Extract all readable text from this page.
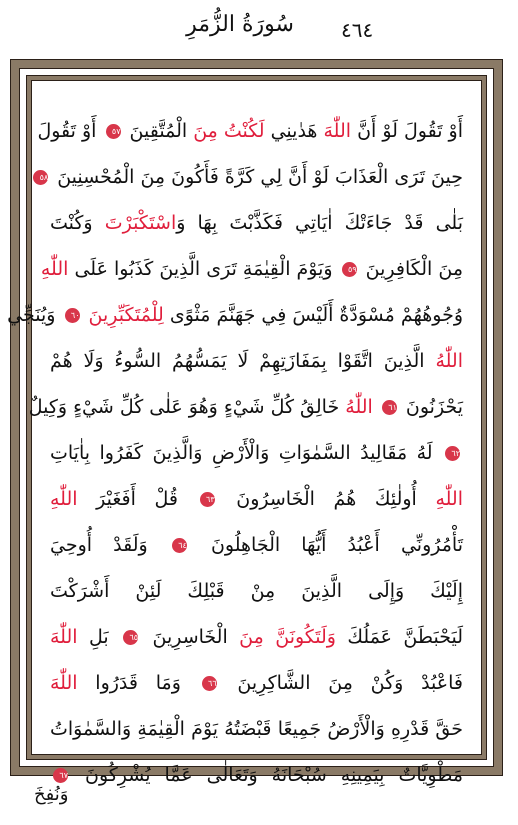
٤٦٤
سُورَةُ الزُّمَرِ
أَوْ تَقُولَ لَوْ أَنَّ اللّٰهَ هَدٰينِي لَكُنْتُ مِنَ الْمُتَّقِينَ ٥٧ أَوْ تَقُولَ
حِينَ تَرَى الْعَذَابَ لَوْ أَنَّ لِي كَرَّةً فَأَكُونَ مِنَ الْمُحْسِنِينَ ٥٨
بَلٰى قَدْ جَاءَتْكَ اٰيَاتِي فَكَذَّبْتَ بِهَا وَاسْتَكْبَرْتَ وَكُنْتَ
مِنَ الْكَافِرِينَ ٥٩ وَيَوْمَ الْقِيٰمَةِ تَرَى الَّذِينَ كَذَبُوا عَلَى اللّٰهِ
وُجُوهُهُمْ مُسْوَدَّةٌ أَلَيْسَ فِي جَهَنَّمَ مَثْوًى لِلْمُتَكَبِّرِينَ ٦٠ وَيُنَجِّي
اللّٰهُ الَّذِينَ اتَّقَوْا بِمَفَازَتِهِمْ لَا يَمَسُّهُمُ السُّوءُ وَلَا هُمْ
يَحْزَنُونَ ٦١ اللّٰهُ خَالِقُ كُلِّ شَيْءٍ وَهُوَ عَلٰى كُلِّ شَيْءٍ وَكِيلٌ
٦٢ لَهُ مَقَالِيدُ السَّمٰوَاتِ وَالْأَرْضِ وَالَّذِينَ كَفَرُوا بِاٰيَاتِ
اللّٰهِ أُولٰئِكَ هُمُ الْخَاسِرُونَ ٦٣ قُلْ أَفَغَيْرَ اللّٰهِ
تَأْمُرُونِّي أَعْبُدُ أَيُّهَا الْجَاهِلُونَ ٦٤ وَلَقَدْ أُوحِيَ
إِلَيْكَ وَإِلَى الَّذِينَ مِنْ قَبْلِكَ لَئِنْ أَشْرَكْتَ
لَيَحْبَطَنَّ عَمَلُكَ وَلَتَكُونَنَّ مِنَ الْخَاسِرِينَ ٦٥ بَلِ اللّٰهَ
فَاعْبُدْ وَكُنْ مِنَ الشَّاكِرِينَ ٦٦ وَمَا قَدَرُوا اللّٰهَ
حَقَّ قَدْرِهِ وَالْأَرْضُ جَمِيعًا قَبْضَتُهُ يَوْمَ الْقِيٰمَةِ وَالسَّمٰوَاتُ
مَطْوِيَّاتٌ بِيَمِينِهِ سُبْحَانَهُ وَتَعَالٰى عَمَّا يُشْرِكُونَ ٦٧
وَنُفِخَ
